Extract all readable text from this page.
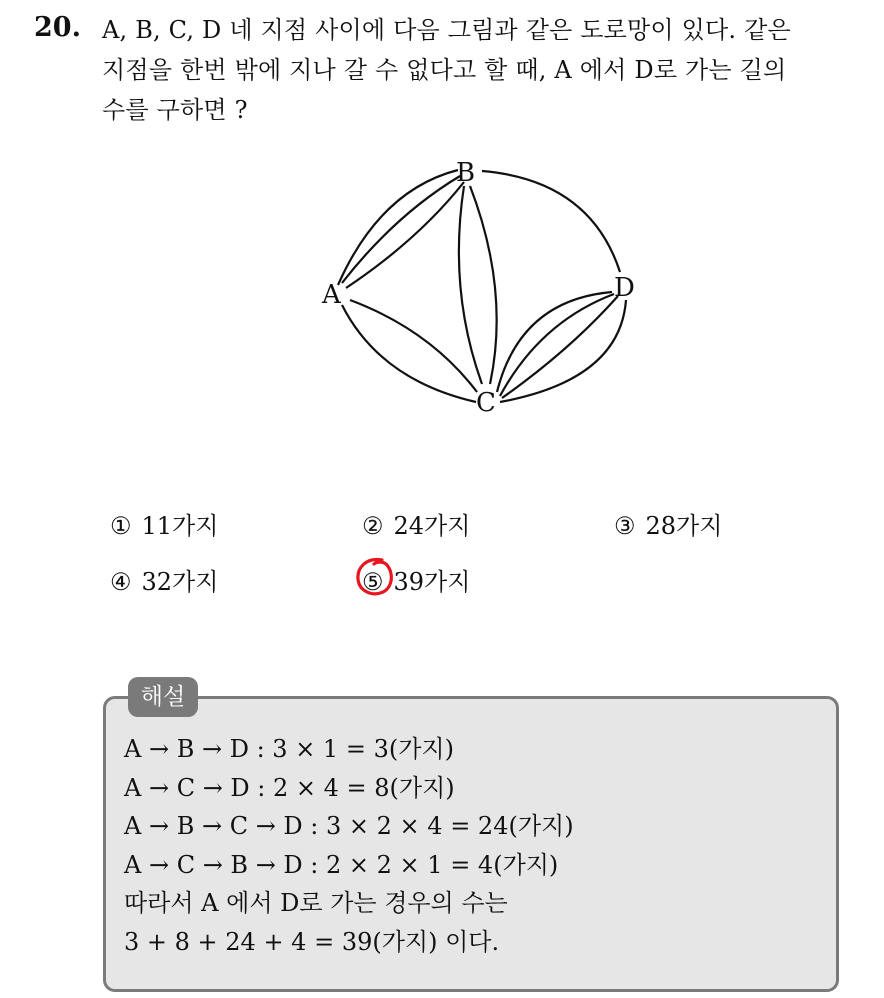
20. A, B, C, D 네 지점 사이에 다음 그림과 같은 도로망이 있다. 같은
지점을 한번 밖에 지나 갈 수 없다고 할 때, A 에서 D로 가는 길의
수를 구하면 ?
A
B
C
D
① 11가지	② 24가지	③ 28가지
④ 32가지	⑤ 39가지
해설
A → B → D : 3 × 1 = 3(가지)
A → C → D : 2 × 4 = 8(가지)
A → B → C → D : 3 × 2 × 4 = 24(가지)
A → C → B → D : 2 × 2 × 1 = 4(가지)
따라서 A 에서 D로 가는 경우의 수는
3 + 8 + 24 + 4 = 39(가지) 이다.
